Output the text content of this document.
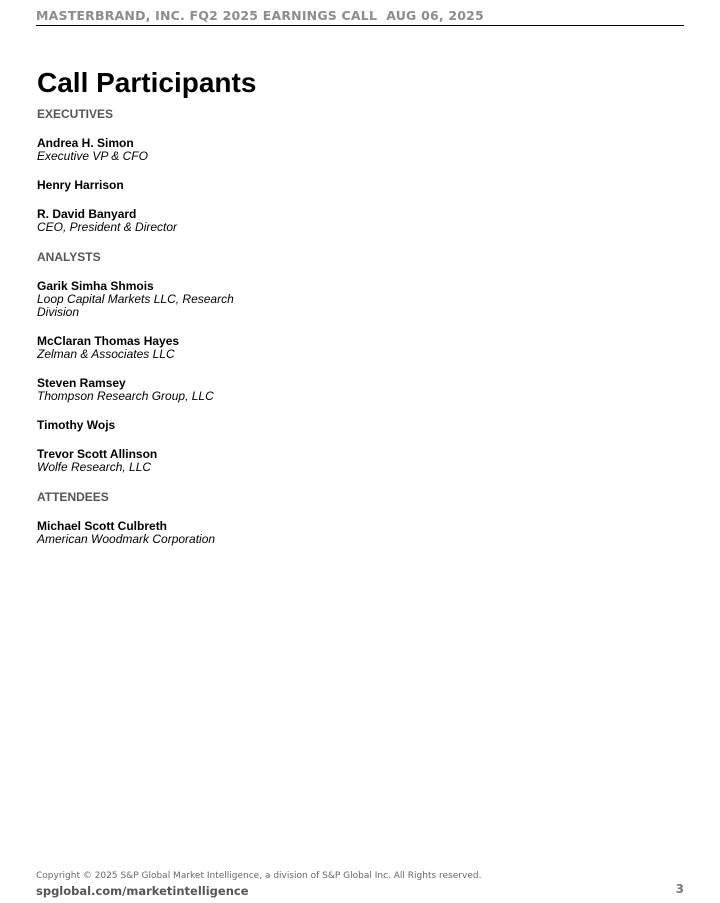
MASTERBRAND, INC. FQ2 2025 EARNINGS CALL  AUG 06, 2025
Call Participants
EXECUTIVES
Andrea H. Simon
Executive VP & CFO
Henry Harrison
R. David Banyard
CEO, President & Director
ANALYSTS
Garik Simha Shmois
Loop Capital Markets LLC, Research Division
McClaran Thomas Hayes
Zelman & Associates LLC
Steven Ramsey
Thompson Research Group, LLC
Timothy Wojs
Trevor Scott Allinson
Wolfe Research, LLC
ATTENDEES
Michael Scott Culbreth
American Woodmark Corporation
Copyright © 2025 S&P Global Market Intelligence, a division of S&P Global Inc. All Rights reserved.
spglobal.com/marketintelligence	3
